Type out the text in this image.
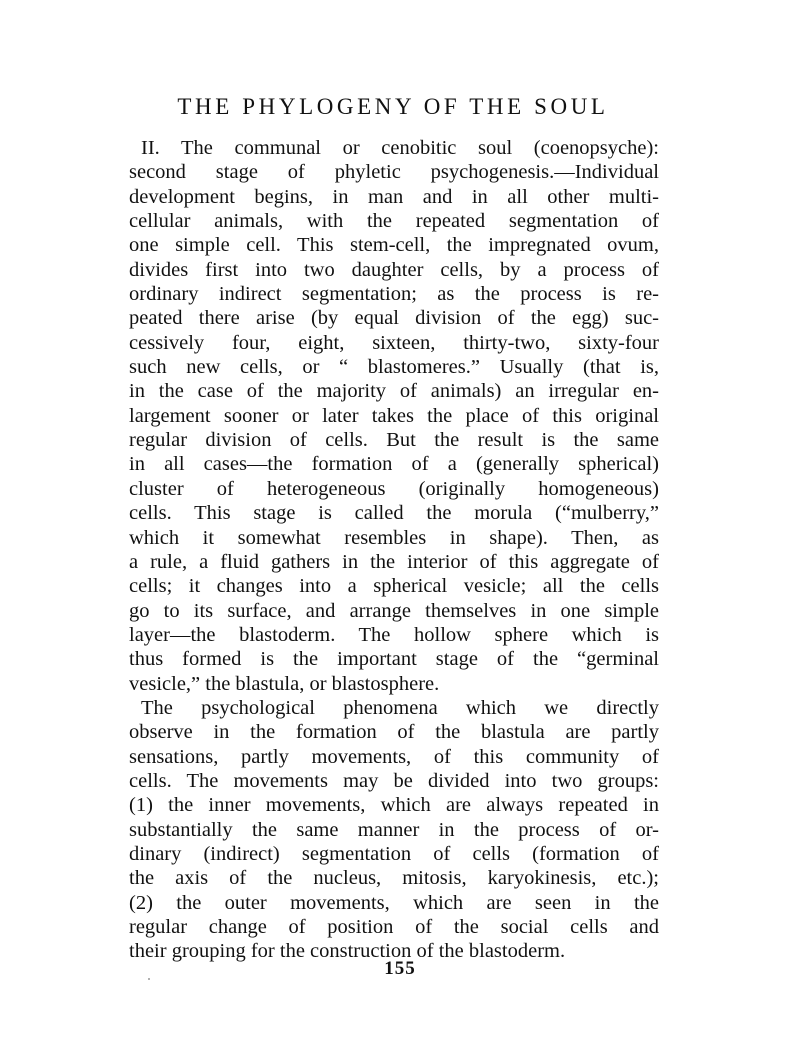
THE PHYLOGENY OF THE SOUL
II. The communal or cenobitic soul (coenopsyche):
second stage of phyletic psychogenesis.—Individual
development begins, in man and in all other multi-
cellular animals, with the repeated segmentation of
one simple cell. This stem-cell, the impregnated ovum,
divides first into two daughter cells, by a process of
ordinary indirect segmentation; as the process is re-
peated there arise (by equal division of the egg) suc-
cessively four, eight, sixteen, thirty-two, sixty-four
such new cells, or “ blastomeres.” Usually (that is,
in the case of the majority of animals) an irregular en-
largement sooner or later takes the place of this original
regular division of cells. But the result is the same
in all cases—the formation of a (generally spherical)
cluster of heterogeneous (originally homogeneous)
cells. This stage is called the morula (“mulberry,”
which it somewhat resembles in shape). Then, as
a rule, a fluid gathers in the interior of this aggregate of
cells; it changes into a spherical vesicle; all the cells
go to its surface, and arrange themselves in one simple
layer—the blastoderm. The hollow sphere which is
thus formed is the important stage of the “germinal
vesicle,” the blastula, or blastosphere.
The psychological phenomena which we directly
observe in the formation of the blastula are partly
sensations, partly movements, of this community of
cells. The movements may be divided into two groups:
(1) the inner movements, which are always repeated in
substantially the same manner in the process of or-
dinary (indirect) segmentation of cells (formation of
the axis of the nucleus, mitosis, karyokinesis, etc.);
(2) the outer movements, which are seen in the
regular change of position of the social cells and
their grouping for the construction of the blastoderm.
155
